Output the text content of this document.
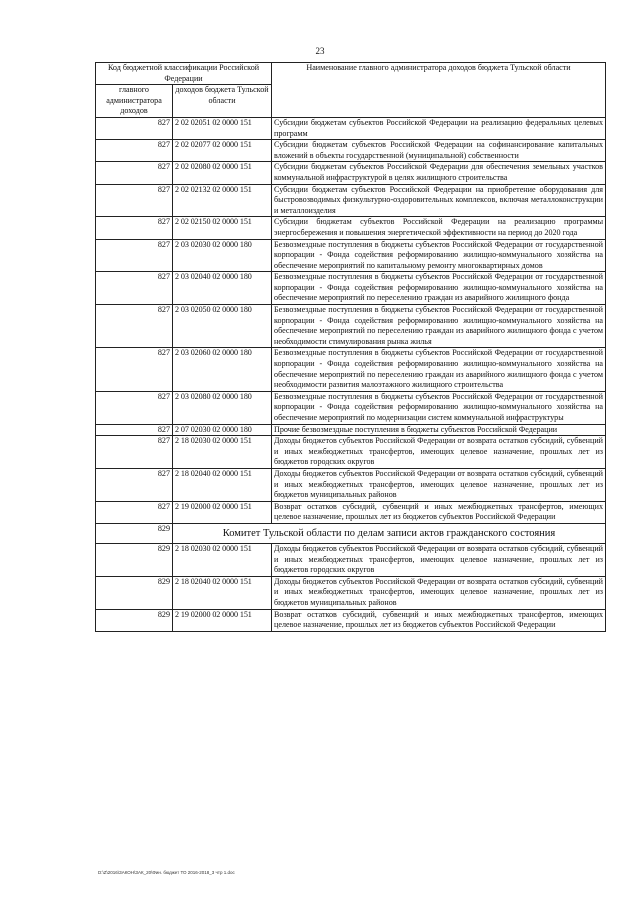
23
Код бюджетной классификации Российской Федерации		Наименование главного администратора доходов бюджета Тульской области
главного администратора доходов	доходов бюджета Тульской области	
827	2 02 02051 02 0000 151	Субсидии бюджетам субъектов Российской Федерации на реализацию федеральных целевых программ
827	2 02 02077 02 0000 151	Субсидии бюджетам субъектов Российской Федерации на софинансирование капитальных вложений в объекты государственной (муниципальной) собственности
827	2 02 02080 02 0000 151	Субсидии бюджетам субъектов Российской Федерации для обеспечения земельных участков коммунальной инфраструктурой в целях жилищного строительства
827	2 02 02132 02 0000 151	Субсидии бюджетам субъектов Российской Федерации на приобретение оборудования для быстровозводимых физкультурно-оздоровительных комплексов, включая металлоконструкции и металлоизделия
827	2 02 02150 02 0000 151	Субсидии бюджетам субъектов Российской Федерации на реализацию программы энергосбережения и повышения энергетической эффективности на период до 2020 года
827	2 03 02030 02 0000 180	Безвозмездные поступления в бюджеты субъектов Российской Федерации от государственной корпорации - Фонда содействия реформированию жилищно-коммунального хозяйства на обеспечение мероприятий по капитальному ремонту многоквартирных домов
827	2 03 02040 02 0000 180	Безвозмездные поступления в бюджеты субъектов Российской Федерации от государственной корпорации - Фонда содействия реформированию жилищно-коммунального хозяйства на обеспечение мероприятий по переселению граждан из аварийного жилищного фонда
827	2 03 02050 02 0000 180	Безвозмездные поступления в бюджеты субъектов Российской Федерации от государственной корпорации - Фонда содействия реформированию жилищно-коммунального хозяйства на обеспечение мероприятий по переселению граждан из аварийного жилищного фонда с учетом необходимости стимулирования рынка жилья
827	2 03 02060 02 0000 180	Безвозмездные поступления в бюджеты субъектов Российской Федерации от государственной корпорации - Фонда содействия реформированию жилищно-коммунального хозяйства на обеспечение мероприятий по переселению граждан из аварийного жилищного фонда с учетом необходимости развития малоэтажного жилищного строительства
827	2 03 02080 02 0000 180	Безвозмездные поступления в бюджеты субъектов Российской Федерации от государственной корпорации - Фонда содействия реформированию жилищно-коммунального хозяйства на обеспечение мероприятий по модернизации систем коммунальной инфраструктуры
827	2 07 02030 02 0000 180	Прочие безвозмездные поступления в бюджеты субъектов Российской Федерации
827	2 18 02030 02 0000 151	Доходы бюджетов субъектов Российской Федерации от возврата остатков субсидий, субвенций и иных межбюджетных трансфертов, имеющих целевое назначение, прошлых лет из бюджетов городских округов
827	2 18 02040 02 0000 151	Доходы бюджетов субъектов Российской Федерации от возврата остатков субсидий, субвенций и иных межбюджетных трансфертов, имеющих целевое назначение, прошлых лет из бюджетов муниципальных районов
827	2 19 02000 02 0000 151	Возврат остатков субсидий, субвенций и иных межбюджетных трансфертов, имеющих целевое назначение, прошлых лет из бюджетов субъектов Российской Федерации
829	Комитет Тульской области по делам записи актов гражданского состояния	
829	2 18 02030 02 0000 151	Доходы бюджетов субъектов Российской Федерации от возврата остатков субсидий, субвенций и иных межбюджетных трансфертов, имеющих целевое назначение, прошлых лет из бюджетов городских округов
829	2 18 02040 02 0000 151	Доходы бюджетов субъектов Российской Федерации от возврата остатков субсидий, субвенций и иных межбюджетных трансфертов, имеющих целевое назначение, прошлых лет из бюджетов муниципальных районов
829	2 19 02000 02 0000 151	Возврат остатков субсидий, субвенций и иных межбюджетных трансфертов, имеющих целевое назначение, прошлых лет из бюджетов субъектов Российской Федерации
D:\Z\2016\ЗАКОН\ЗАК_20\Фин. бюджет ТО 2016-2018_3 чтр 1.doc
